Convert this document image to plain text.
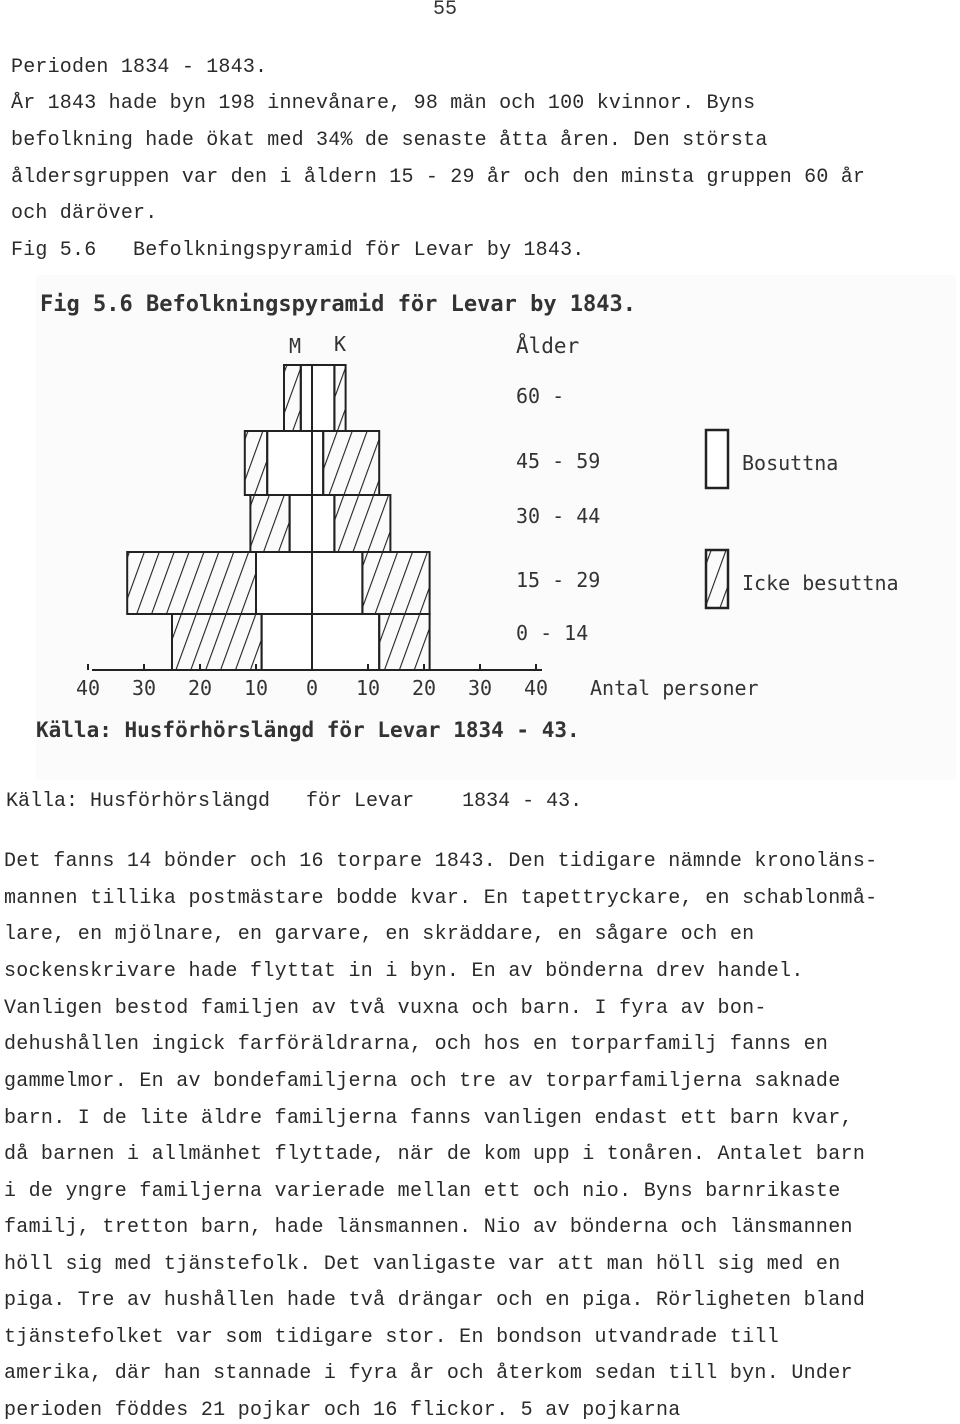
55
Perioden 1834 - 1843.
År 1843 hade byn 198 innevånare, 98 män och 100 kvinnor. Byns
befolkning hade ökat med 34% de senaste åtta åren. Den största
åldersgruppen var den i åldern 15 - 29 år och den minsta gruppen 60 år
och däröver.
Fig 5.6   Befolkningspyramid för Levar by 1843.
Fig 5.6 Befolkningspyramid för Levar by 1843.
M K	Ålder
40 30 20 10 0 10 20 30 40
60 -
45 - 59
30 - 44
15 - 29
0 - 14
Antal personer
Bosuttna
Icke besuttna
Källa: Husförhörslängd för Levar 1834 - 43.
Källa: Husförhörslängd   för Levar    1834 - 43.
Det fanns 14 bönder och 16 torpare 1843. Den tidigare nämnde kronoläns-
mannen tillika postmästare bodde kvar. En tapettryckare, en schablonmå-
lare, en mjölnare, en garvare, en skräddare, en sågare och en
sockenskrivare hade flyttat in i byn. En av bönderna drev handel.
Vanligen bestod familjen av två vuxna och barn. I fyra av bon-
dehushållen ingick farföräldrarna, och hos en torparfamilj fanns en
gammelmor. En av bondefamiljerna och tre av torparfamiljerna saknade
barn. I de lite äldre familjerna fanns vanligen endast ett barn kvar,
då barnen i allmänhet flyttade, när de kom upp i tonåren. Antalet barn
i de yngre familjerna varierade mellan ett och nio. Byns barnrikaste
familj, tretton barn, hade länsmannen. Nio av bönderna och länsmannen
höll sig med tjänstefolk. Det vanligaste var att man höll sig med en
piga. Tre av hushållen hade två drängar och en piga. Rörligheten bland
tjänstefolket var som tidigare stor. En bondson utvandrade till
amerika, där han stannade i fyra år och återkom sedan till byn. Under
perioden föddes 21 pojkar och 16 flickor. 5 av pojkarna
